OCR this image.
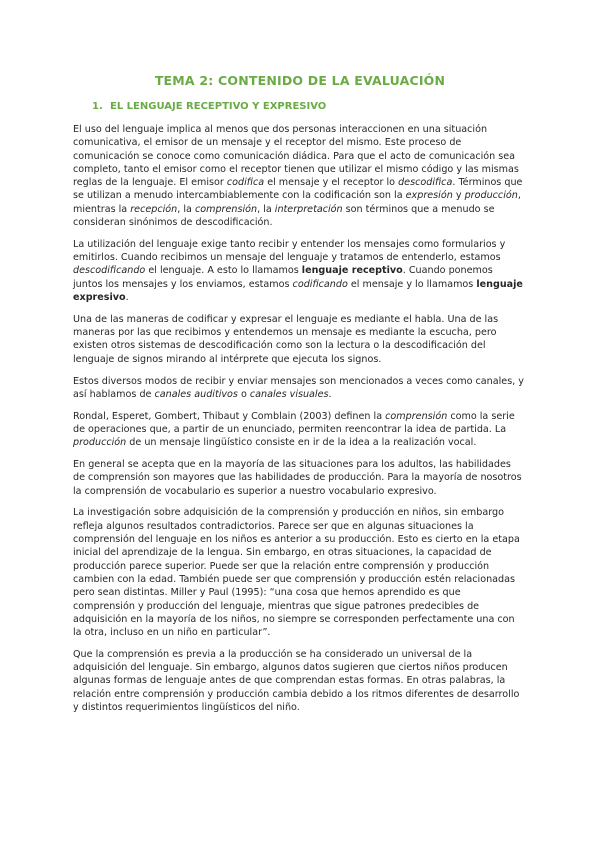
TEMA 2: CONTENIDO DE LA EVALUACIÓN
1. EL LENGUAJE RECEPTIVO Y EXPRESIVO

El uso del lenguaje implica al menos que dos personas interaccionen en una situación comunicativa, el emisor de un mensaje y el receptor del mismo. Este proceso de comunicación se conoce como comunicación diádica. Para que el acto de comunicación sea completo, tanto el emisor como el receptor tienen que utilizar el mismo código y las mismas reglas de la lenguaje. El emisor codifica el mensaje y el receptor lo descodifica. Términos que se utilizan a menudo intercambiablemente con la codificación son la expresión y producción, mientras la recepción, la comprensión, la interpretación son términos que a menudo se consideran sinónimos de descodificación.

La utilización del lenguaje exige tanto recibir y entender los mensajes como formularios y emitirlos. Cuando recibimos un mensaje del lenguaje y tratamos de entenderlo, estamos descodificando el lenguaje. A esto lo llamamos lenguaje receptivo. Cuando ponemos juntos los mensajes y los enviamos, estamos codificando el mensaje y lo llamamos lenguaje expresivo.

Una de las maneras de codificar y expresar el lenguaje es mediante el habla. Una de las maneras por las que recibimos y entendemos un mensaje es mediante la escucha, pero existen otros sistemas de descodificación como son la lectura o la descodificación del lenguaje de signos mirando al intérprete que ejecuta los signos.

Estos diversos modos de recibir y enviar mensajes son mencionados a veces como canales, y así hablamos de canales auditivos o canales visuales.

Rondal, Esperet, Gombert, Thibaut y Comblain (2003) definen la comprensión como la serie de operaciones que, a partir de un enunciado, permiten reencontrar la idea de partida. La producción de un mensaje lingüístico consiste en ir de la idea a la realización vocal.

En general se acepta que en la mayoría de las situaciones para los adultos, las habilidades de comprensión son mayores que las habilidades de producción. Para la mayoría de nosotros la comprensión de vocabulario es superior a nuestro vocabulario expresivo.

La investigación sobre adquisición de la comprensión y producción en niños, sin embargo refleja algunos resultados contradictorios. Parece ser que en algunas situaciones la comprensión del lenguaje en los niños es anterior a su producción. Esto es cierto en la etapa inicial del aprendizaje de la lengua. Sin embargo, en otras situaciones, la capacidad de producción parece superior. Puede ser que la relación entre comprensión y producción cambien con la edad. También puede ser que comprensión y producción estén relacionadas pero sean distintas. Miller y Paul (1995): “una cosa que hemos aprendido es que comprensión y producción del lenguaje, mientras que sigue patrones predecibles de adquisición en la mayoría de los niños, no siempre se corresponden perfectamente una con la otra, incluso en un niño en particular”.

Que la comprensión es previa a la producción se ha considerado un universal de la adquisición del lenguaje. Sin embargo, algunos datos sugieren que ciertos niños producen algunas formas de lenguaje antes de que comprendan estas formas. En otras palabras, la relación entre comprensión y producción cambia debido a los ritmos diferentes de desarrollo y distintos requerimientos lingüísticos del niño.
